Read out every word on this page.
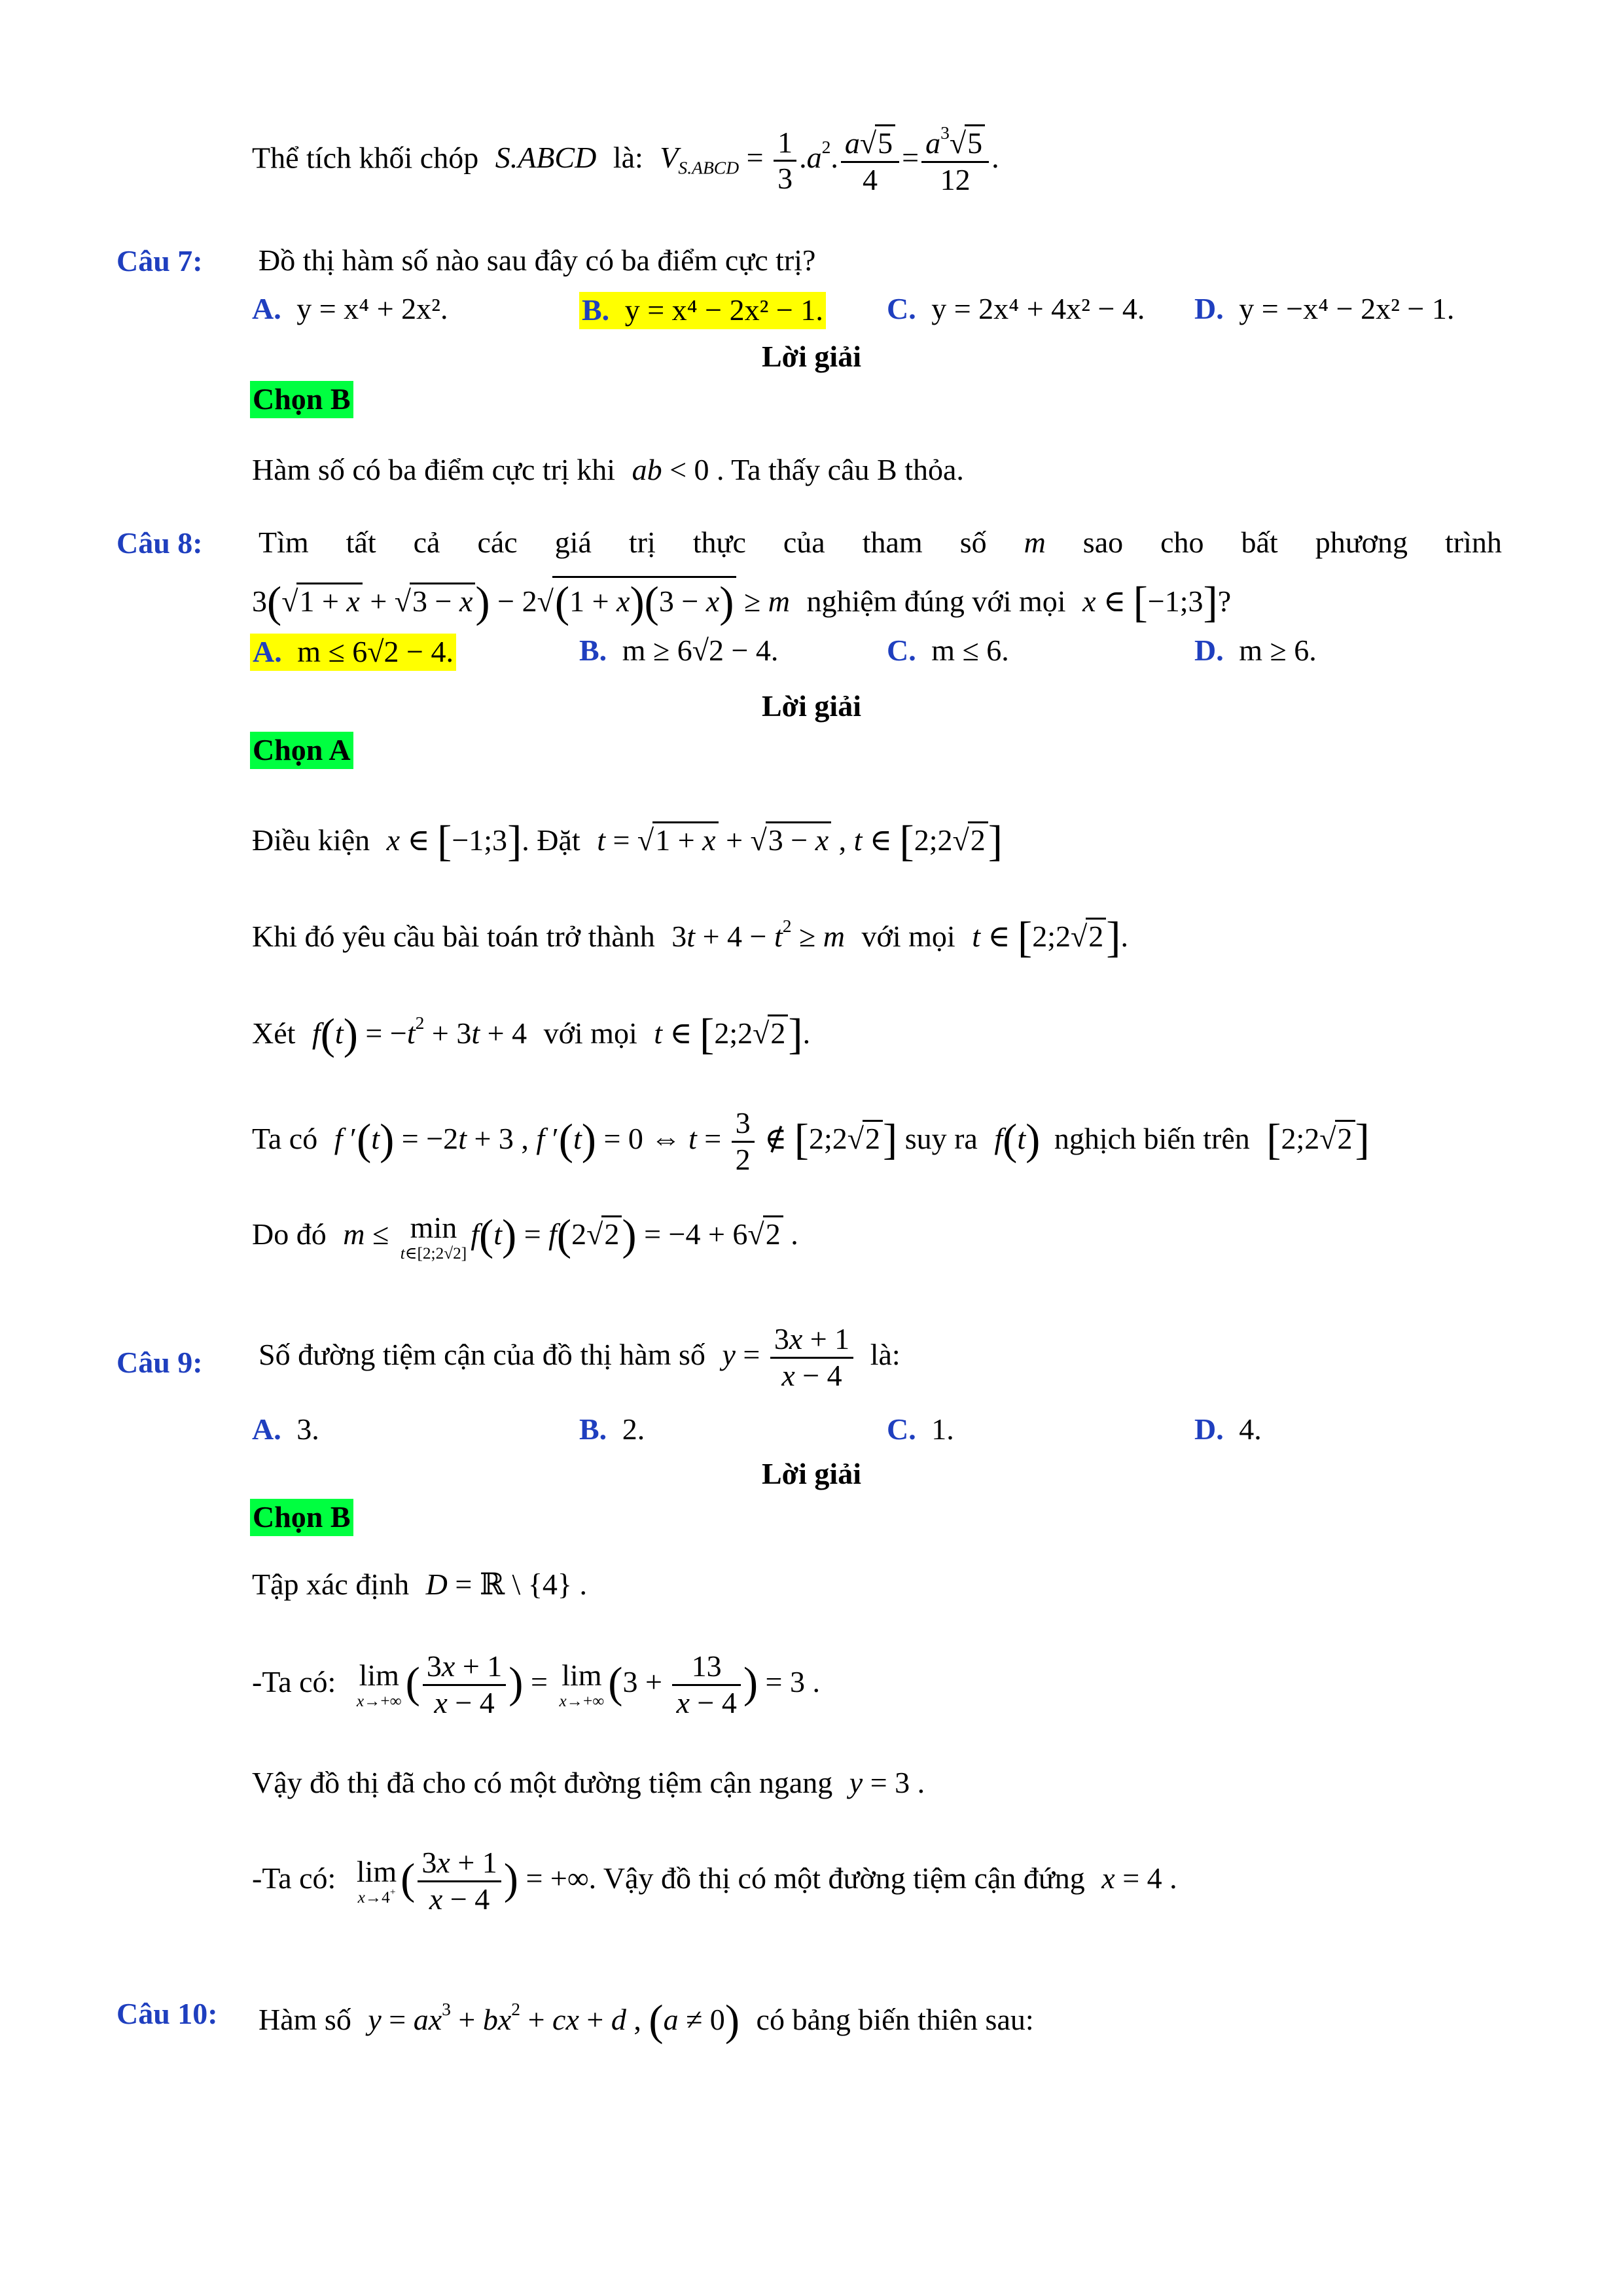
Thể tích khối chóp S.ABCD là: $V_{S.ABCD} = \frac{1}{3} .a^2$. $\frac{a√5}{4} = \frac{a^3√5}{12}$ .
Câu 7: Đồ thị hàm số nào sau đây có ba điểm cực trị?
A. y = x⁴ + 2x².	B. y = x⁴ − 2x² − 1. C. y = 2x⁴ + 4x² − 4. D. y = −x⁴ − 2x² − 1.
Lời giải
Chọn B
Hàm số có ba điểm cực trị khi ab < 0 . Ta thấy câu B thỏa.
Câu 8: Tìm tất cả các giá trị thực của tham số m sao cho bất phương trình
3(√1 + x + √3 − x) − 2√(1 + x)(3 − x) ≥ m nghiệm đúng với mọi x ∈ [−1;3]?
A. m ≤ 6√2 − 4.	B. m ≥ 6√2 − 4.	C. m ≤ 6.	D. m ≥ 6.
Lời giải
Chọn A
Điều kiện x ∈ [−1;3]. Đặt t = √1 + x + √3 − x , t ∈ [2;2√2]
Khi đó yêu cầu bài toán trở thành $3t + 4 - t^2 \ge m$ với mọi t ∈ [2;2√2].
Xét $f(t) = -t^2 + 3t + 4$ với mọi t ∈ [2;2√2].
Ta có f ′(t) = −2t + 3 , f ′(t) = 0 ⇔ $t = \frac{3}{2}$ ∉ [2;2√2] suy ra f(t) nghịch biến trên [2;2√2]
Do đó m ≤ min
t∈[2;2√2]
f(t) = f(2√2) = −4 + 6√2 .
Câu 9: Số đường tiệm cận của đồ thị hàm số $y = \frac{3x + 1}{x - 4}$ là:
A. 3.	B. 2.	C. 1.	D. 4.
Lời giải
Chọn B
Tập xác định D = ℝ \ {4} .
-Ta có: lim
x→+∞ ( $\frac{3x + 1}{x - 4}$ ) = lim
x→+∞ ($3 + \frac{13}{x - 4}$ ) = 3 .
Vậy đồ thị đã cho có một đường tiệm cận ngang y = 3 .
-Ta có: lim
x→4+ ( $\frac{3x + 1}{x - 4}$ ) = +∞. Vậy đồ thị có một đường tiệm cận đứng x = 4 .
Câu 10: Hàm số $y = ax^3 + bx^2$ + cx + d , (a ≠ 0) có bảng biến thiên sau:
